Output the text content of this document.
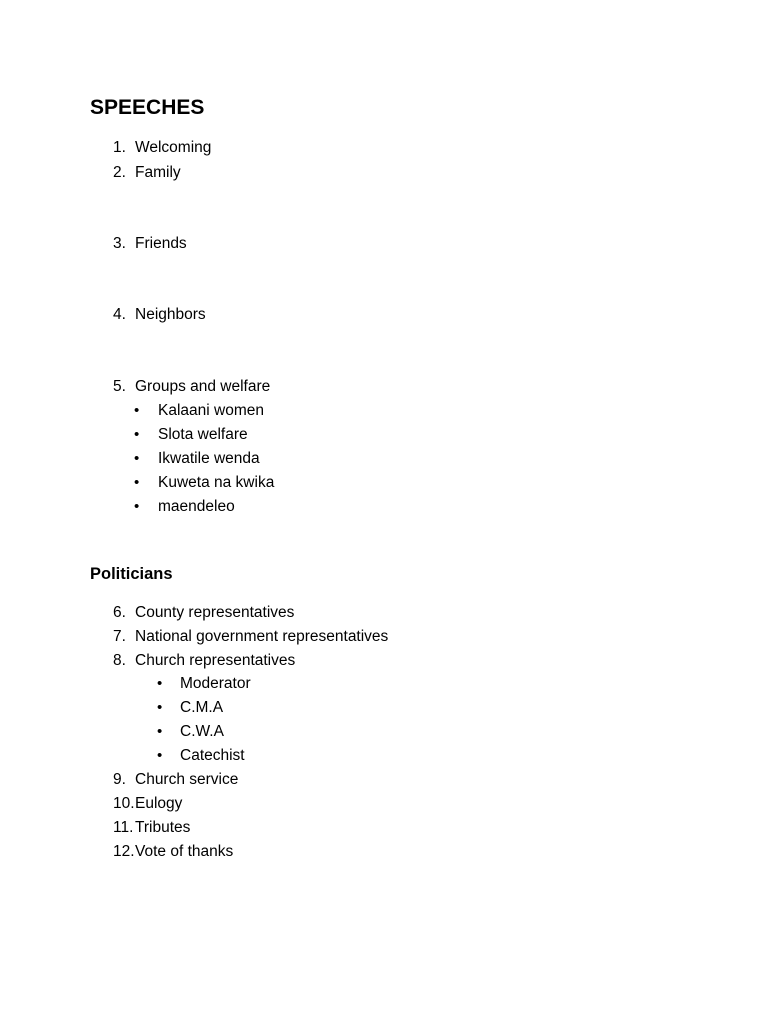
SPEECHES
1. Welcoming
2. Family
3. Friends
4. Neighbors
5. Groups and welfare
• Kalaani women
• Slota welfare
• Ikwatile wenda
• Kuweta na kwika
• maendeleo
Politicians
6. County representatives
7. National government representatives
8. Church representatives
• Moderator
• C.M.A
• C.W.A
• Catechist
9. Church service
10. Eulogy
11. Tributes
12. Vote of thanks
